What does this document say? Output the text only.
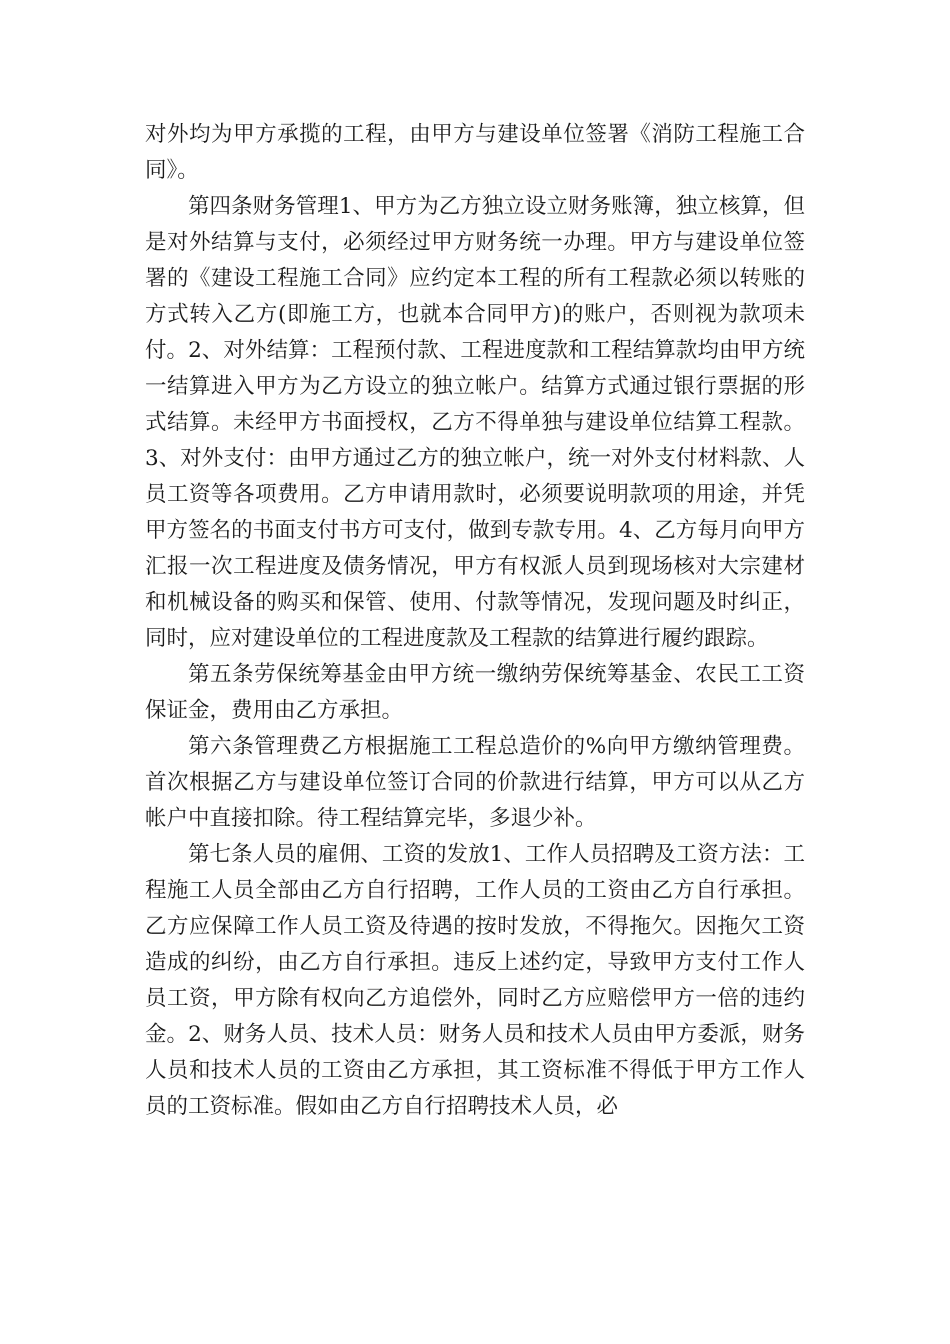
对外均为甲方承揽的工程，由甲方与建设单位签署《消防工程施工合同》。

第四条财务管理1、甲方为乙方独立设立财务账簿，独立核算，但是对外结算与支付，必须经过甲方财务统一办理。甲方与建设单位签署的《建设工程施工合同》应约定本工程的所有工程款必须以转账的方式转入乙方(即施工方，也就本合同甲方)的账户，否则视为款项未付。2、对外结算：工程预付款、工程进度款和工程结算款均由甲方统一结算进入甲方为乙方设立的独立帐户。结算方式通过银行票据的形式结算。未经甲方书面授权，乙方不得单独与建设单位结算工程款。3、对外支付：由甲方通过乙方的独立帐户，统一对外支付材料款、人员工资等各项费用。乙方申请用款时，必须要说明款项的用途，并凭甲方签名的书面支付书方可支付，做到专款专用。4、乙方每月向甲方汇报一次工程进度及债务情况，甲方有权派人员到现场核对大宗建材和机械设备的购买和保管、使用、付款等情况，发现问题及时纠正，同时，应对建设单位的工程进度款及工程款的结算进行履约跟踪。

第五条劳保统筹基金由甲方统一缴纳劳保统筹基金、农民工工资保证金，费用由乙方承担。

第六条管理费乙方根据施工工程总造价的%向甲方缴纳管理费。首次根据乙方与建设单位签订合同的价款进行结算，甲方可以从乙方帐户中直接扣除。待工程结算完毕，多退少补。

第七条人员的雇佣、工资的发放1、工作人员招聘及工资方法：工程施工人员全部由乙方自行招聘，工作人员的工资由乙方自行承担。乙方应保障工作人员工资及待遇的按时发放，不得拖欠。因拖欠工资造成的纠纷，由乙方自行承担。违反上述约定，导致甲方支付工作人员工资，甲方除有权向乙方追偿外，同时乙方应赔偿甲方一倍的违约金。2、财务人员、技术人员：财务人员和技术人员由甲方委派，财务人员和技术人员的工资由乙方承担，其工资标准不得低于甲方工作人员的工资标准。假如由乙方自行招聘技术人员，必
